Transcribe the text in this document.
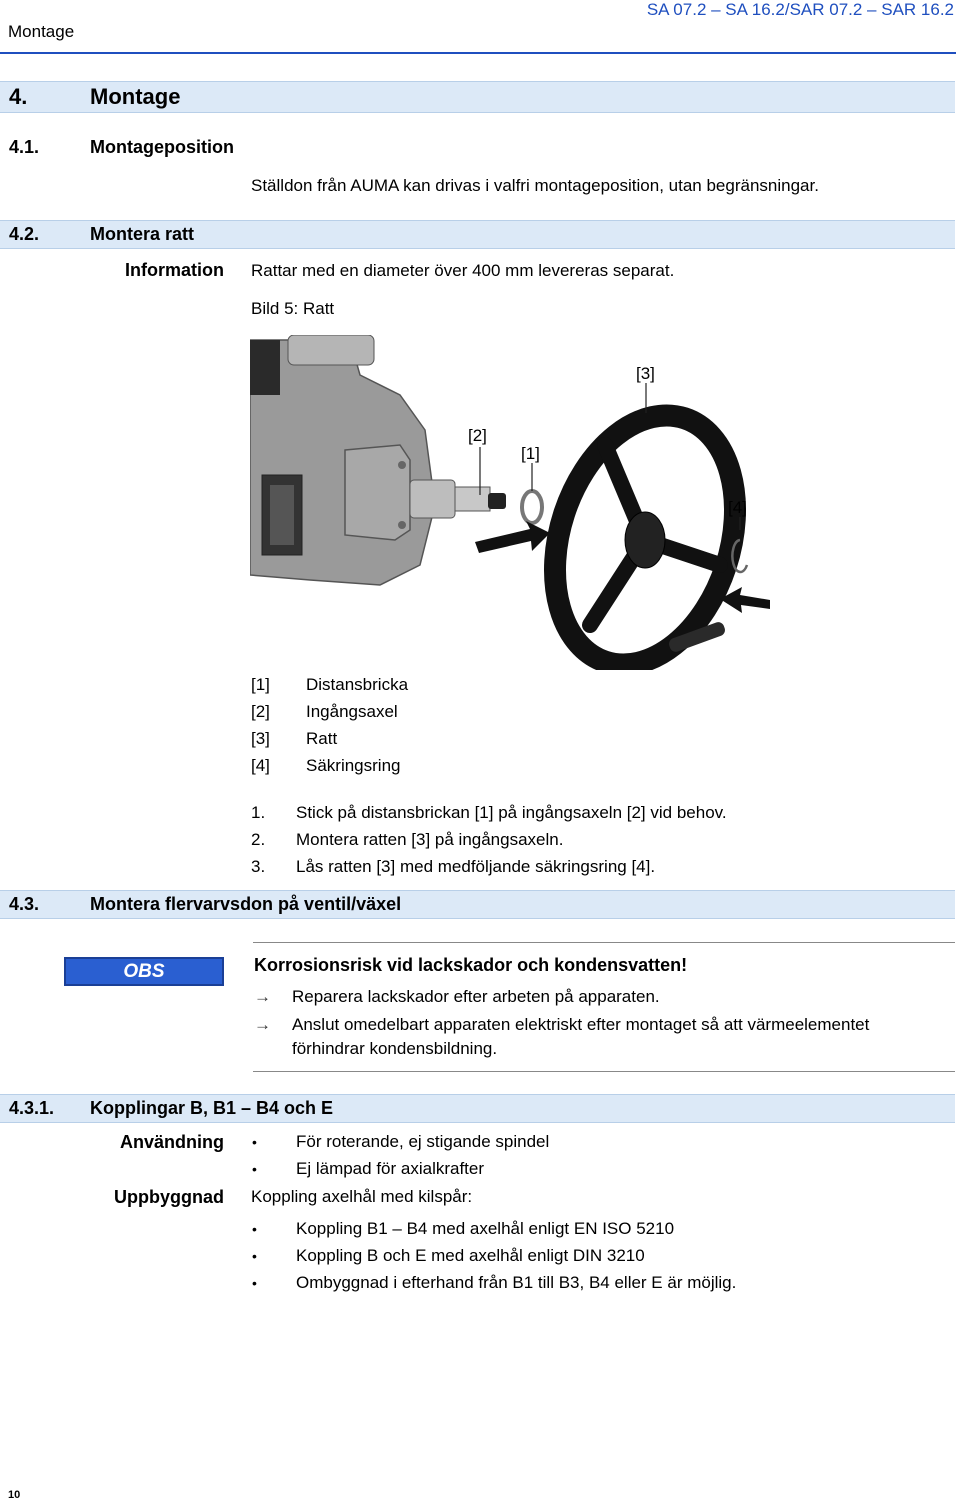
Montage
SA 07.2 – SA 16.2/SAR 07.2 – SAR 16.2
4.	Montage
4.1.	Montageposition
Ställdon från AUMA kan drivas i valfri montageposition, utan begränsningar.
4.2.	Montera ratt
Information Rattar med en diameter över 400 mm levereras separat.
Bild 5: Ratt
[2]
[1]
[3]
[4]
[1] Distansbricka
[2] Ingångsaxel
[3] Ratt
[4] Säkringsring
1. Stick på distansbrickan [1] på ingångsaxeln [2] vid behov.
2. Montera ratten [3] på ingångsaxeln.
3. Lås ratten [3] med medföljande säkringsring [4].
4.3.	Montera flervarvsdon på ventil/växel
OBS	Korrosionsrisk vid lackskador och kondensvatten!
→ Reparera lackskador efter arbeten på apparaten.
→ Anslut omedelbart apparaten elektriskt efter montaget så att värmeelementet
förhindrar kondensbildning.
4.3.1. Kopplingar B, B1 – B4 och E
Användning • För roterande, ej stigande spindel
• Ej lämpad för axialkrafter
Uppbyggnad Koppling axelhål med kilspår:
• Koppling B1 – B4 med axelhål enligt EN ISO 5210
• Koppling B och E med axelhål enligt DIN 3210
• Ombyggnad i efterhand från B1 till B3, B4 eller E är möjlig.
10
